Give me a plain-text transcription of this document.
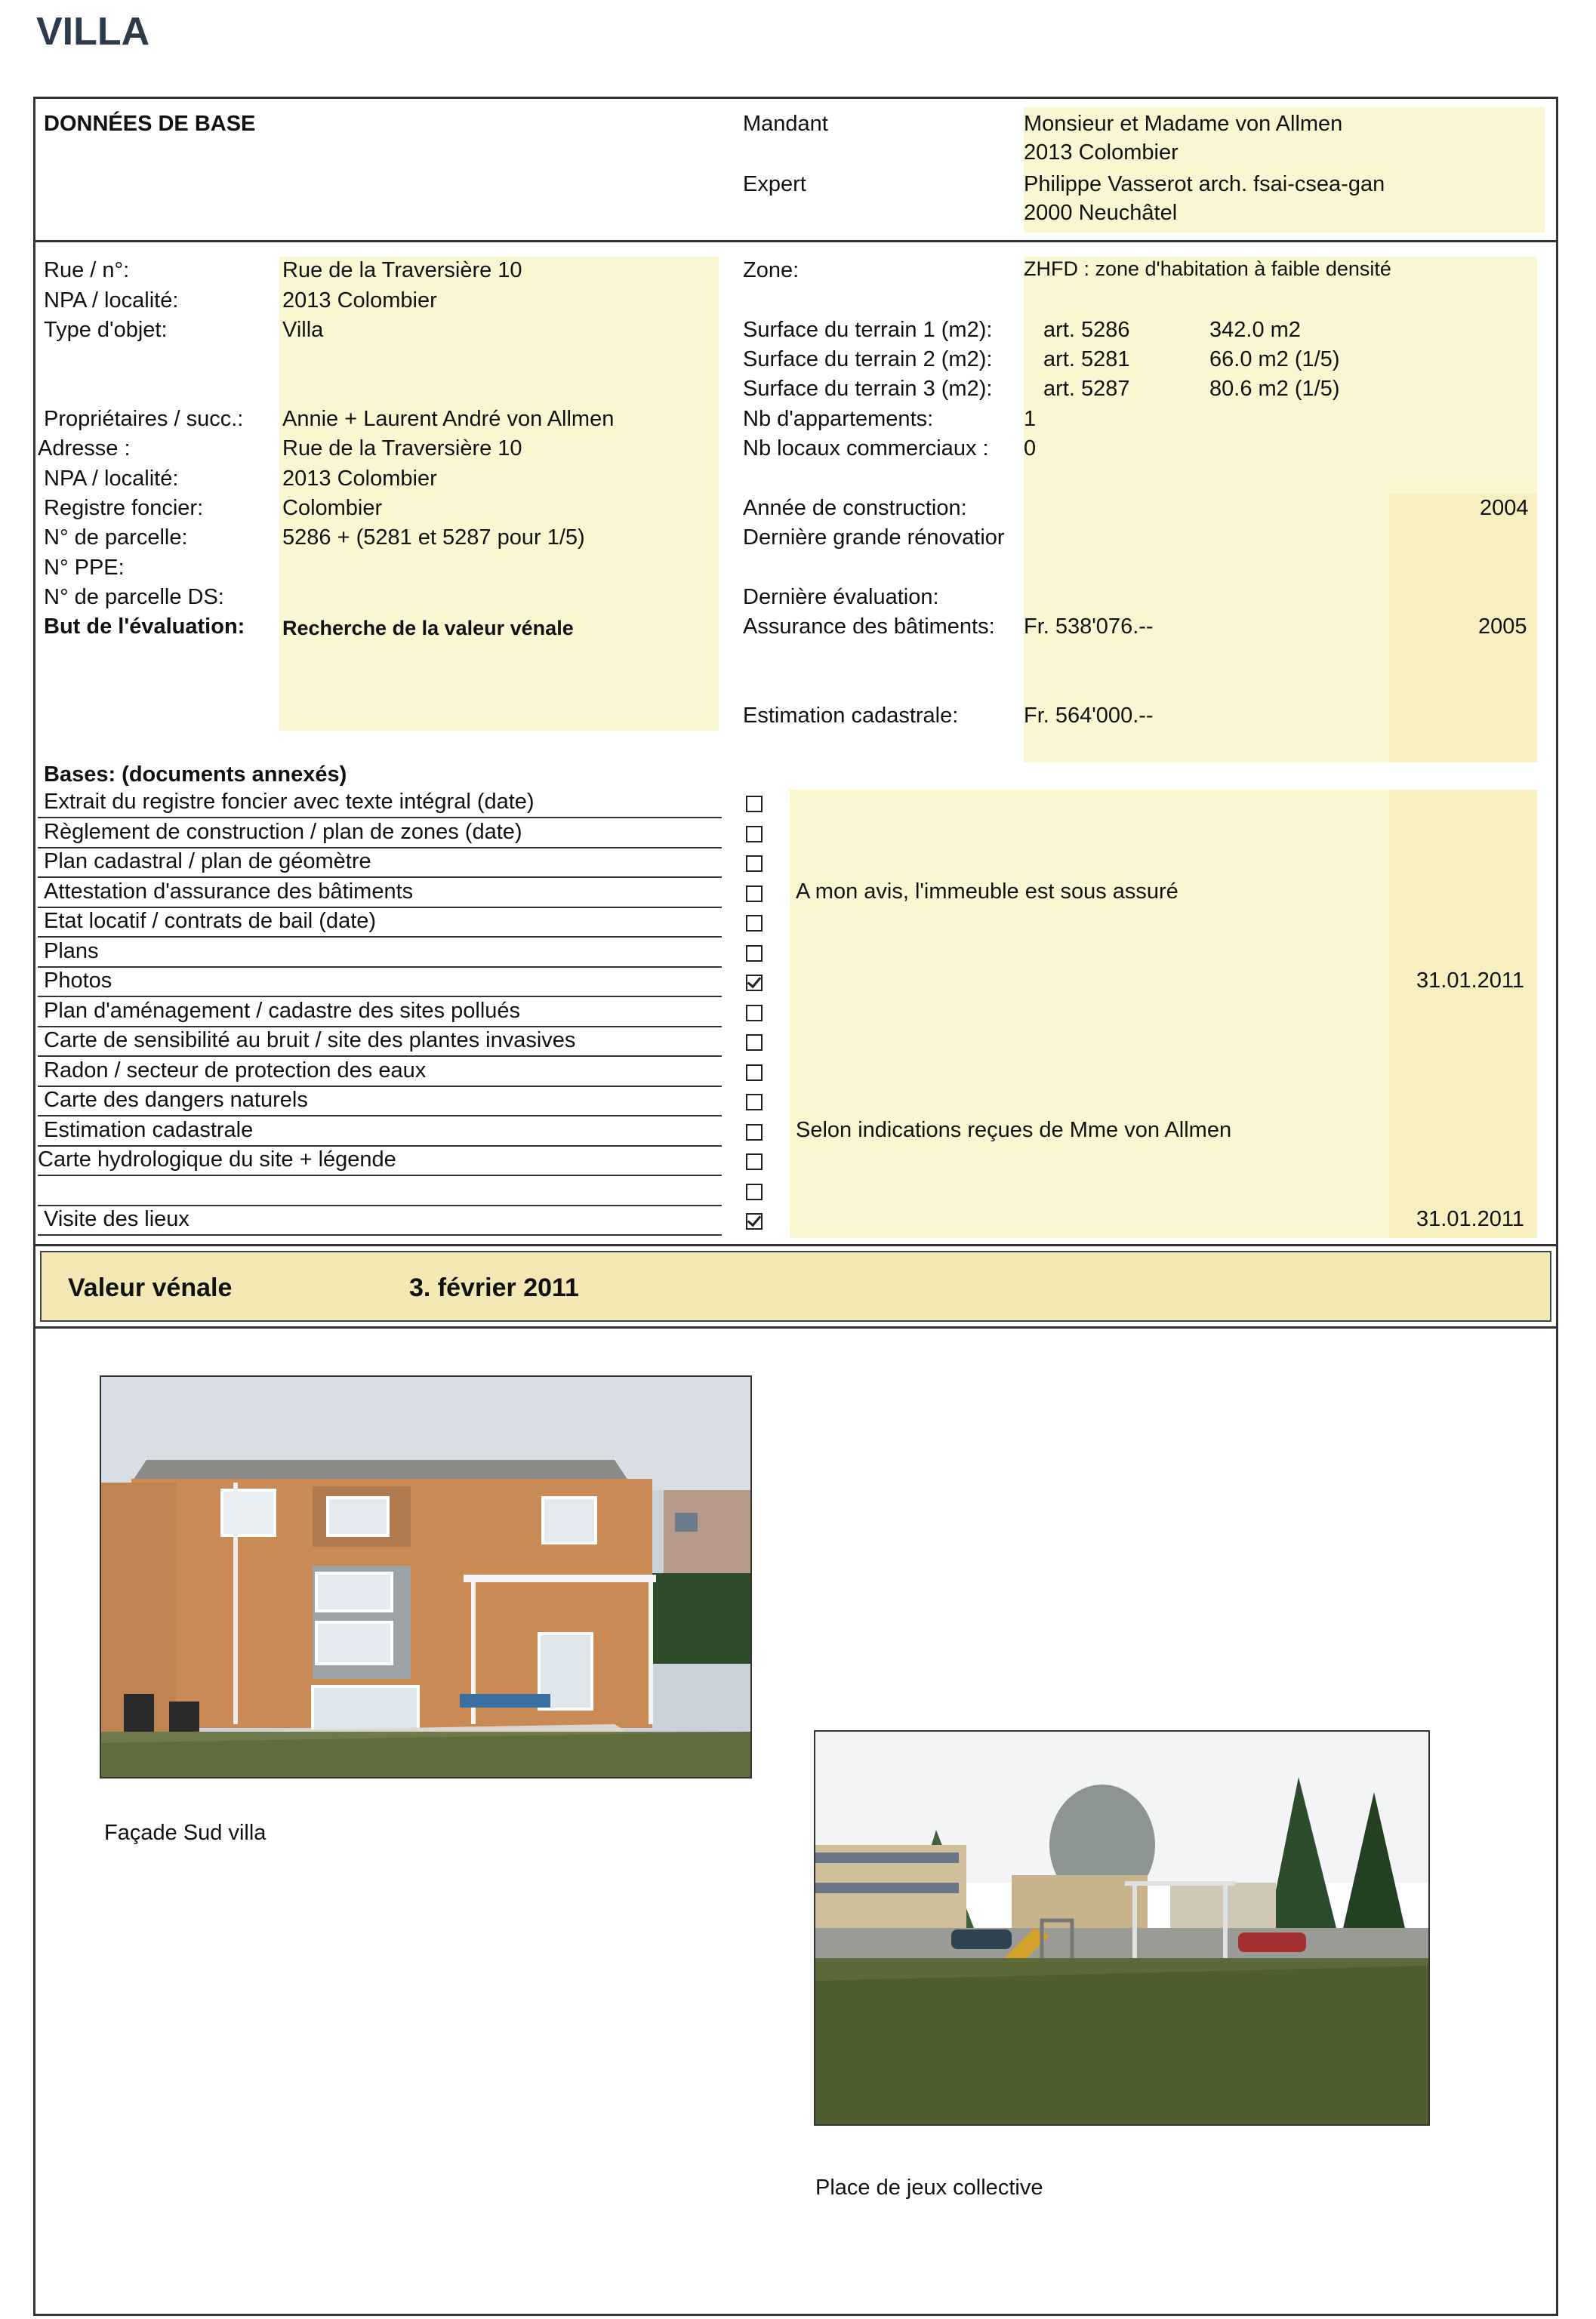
VILLA
DONNÉES DE BASE	Mandant	Monsieur et Madame von Allmen
2013 Colombier
Expert	Philippe Vasserot arch. fsai-csea-gan
2000 Neuchâtel
Rue / n°:	Rue de la Traversière 10
NPA / localité:	2013 Colombier
Type d'objet:	Villa
Propriétaires / succ.: Annie + Laurent André von Allmen
Adresse :	Rue de la Traversière 10
NPA / localité:	2013 Colombier
Registre foncier:	Colombier
N° de parcelle:	5286 + (5281 et 5287 pour 1/5)
N° PPE:
N° de parcelle DS:
But de l'évaluation: Recherche de la valeur vénale
Zone:	ZHFD : zone d'habitation à faible densité
Surface du terrain 1 (m2): art. 5286	342.0 m2
Surface du terrain 2 (m2): art. 5281	66.0 m2 (1/5)
Surface du terrain 3 (m2): art. 5287	80.6 m2 (1/5)
Nb d'appartements:	1
Nb locaux commerciaux : 0
Année de construction:	2004
Dernière grande rénovatior
Dernière évaluation:
Assurance des bâtiments: Fr. 538'076.--	2005
Estimation cadastrale:	Fr. 564'000.--
Bases: (documents annexés)
Extrait du registre foncier avec texte intégral (date)
Règlement de construction / plan de zones (date)
Plan cadastral / plan de géomètre
Attestation d'assurance des bâtiments	A mon avis, l'immeuble est sous assuré
Etat locatif / contrats de bail (date)
Plans
Photos	31.01.2011
Plan d'aménagement / cadastre des sites pollués
Carte de sensibilité au bruit / site des plantes invasives
Radon / secteur de protection des eaux
Carte des dangers naturels
Estimation cadastrale	Selon indications reçues de Mme von Allmen
Carte hydrologique du site + légende
Visite des lieux	31.01.2011
Valeur vénale	3. février 2011
Façade Sud villa
Place de jeux collective
